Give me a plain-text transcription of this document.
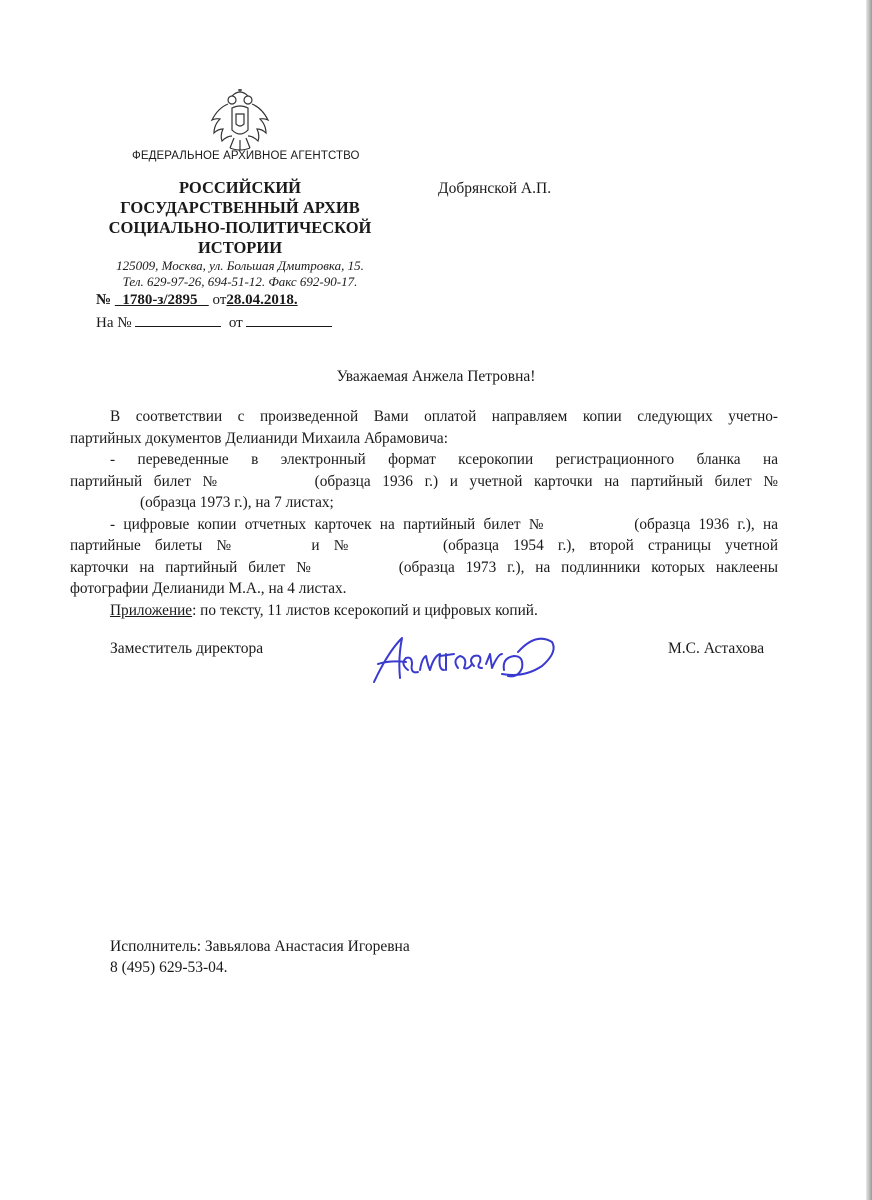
ФЕДЕРАЛЬНОЕ АРХИВНОЕ АГЕНТСТВО
РОССИЙСКИЙ
ГОСУДАРСТВЕННЫЙ АРХИВ
СОЦИАЛЬНО-ПОЛИТИЧЕСКОЙ
ИСТОРИИ
125009, Москва, ул. Большая Дмитровка, 15.
Тел. 629-97-26, 694-51-12. Факс 692-90-17.
№ 1780-з/2895 от28.04.2018.
На №	от
Добрянской А.П.
Уважаемая Анжела Петровна!
В соответствии с произведенной Вами оплатой направляем копии следующих учетно-
партийных документов Делианиди Михаила Абрамовича:
- переведенные в электронный формат ксерокопии регистрационного бланка на
партийный билет №	(образца 1936 г.) и учетной карточки на партийный билет №
(образца 1973 г.), на 7 листах;
- цифровые копии отчетных карточек на партийный билет №	(образца 1936 г.), на
партийные билеты №	и №	(образца 1954 г.), второй страницы учетной
карточки на партийный билет №	(образца 1973 г.), на подлинники которых наклеены
фотографии Делианиди М.А., на 4 листах.
Приложение: по тексту, 11 листов ксерокопий и цифровых копий.
Заместитель директора	М.С. Астахова
Исполнитель: Завьялова Анастасия Игоревна
8 (495) 629-53-04.
